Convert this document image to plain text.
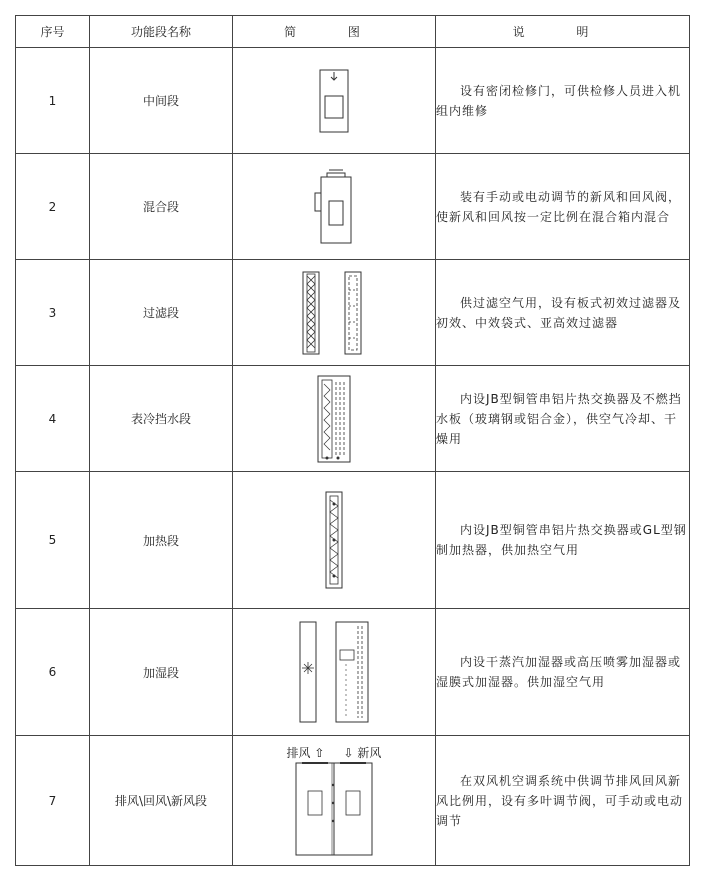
序号	功能段名称	简 图	说 明
1	中间段		设有密闭检修门，可供检修人员进入机组内维修

2	混合段		装有手动或电动调节的新风和回风阀，使新风和回风按一定比例在混合箱内混合

3	过滤段		供过滤空气用，设有板式初效过滤器及初效、中效袋式、亚高效过滤器

4	表冷挡水段		内设JB型铜管串铝片热交换器及不燃挡水板（玻璃钢或铝合金），供空气冷却、干燥用

5	加热段		内设JB型铜管串铝片热交换器或GL型钢制加热器，供加热空气用

6	加湿段		内设干蒸汽加湿器或高压喷雾加湿器或湿膜式加湿器。供加湿空气用

7	排风\回风\新风段	排风 ⇧ ⇩ 新风	在双风机空调系统中供调节排风回风新风比例用，设有多叶调节阀，可手动或电动调节
